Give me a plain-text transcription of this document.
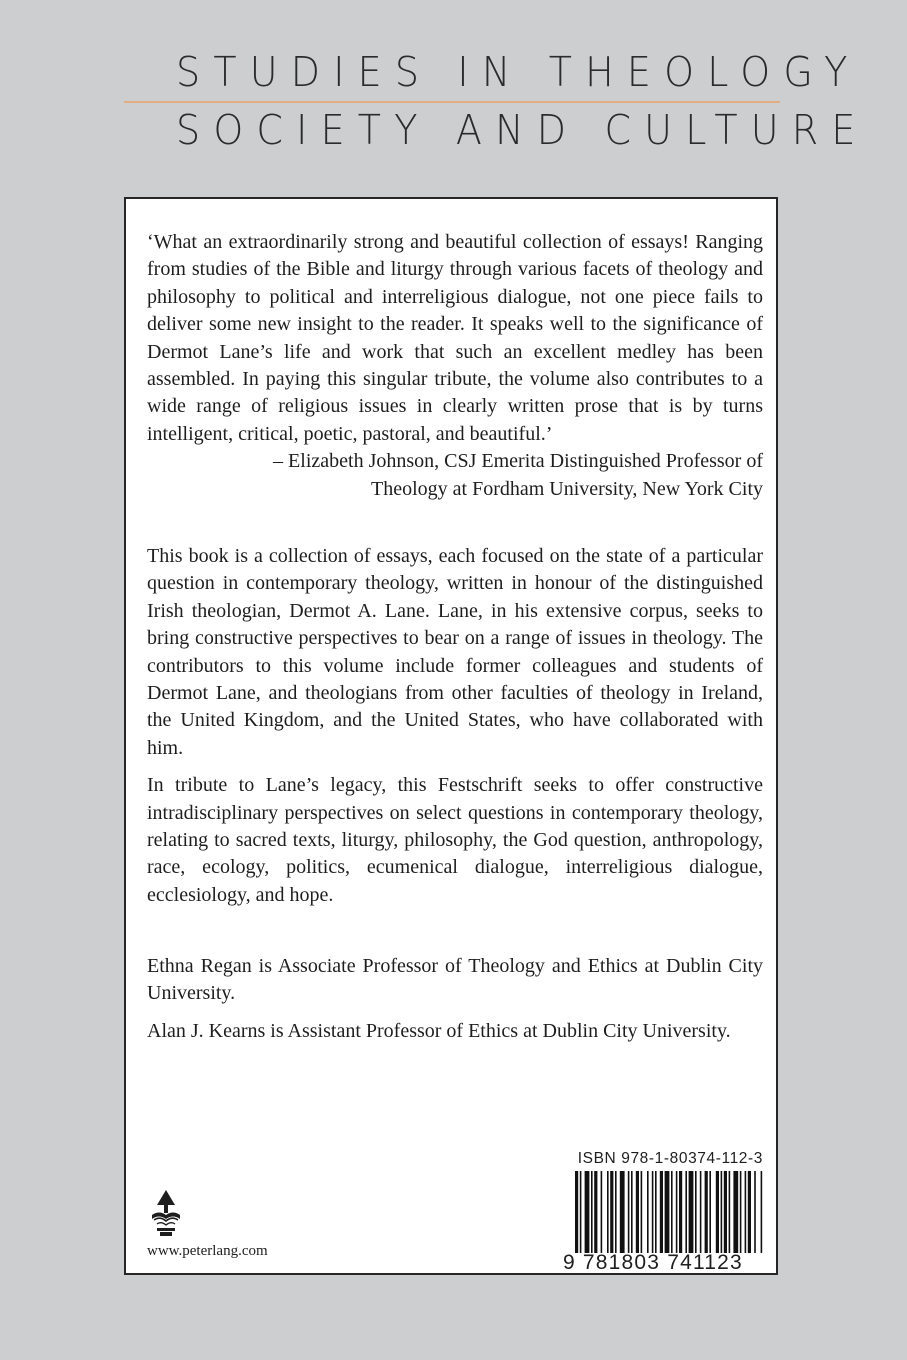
STUDIES IN THEOLOGY
SOCIETY AND CULTURE

‘What an extraordinarily strong and beautiful collection of essays! Ranging from studies of the Bible and liturgy through various facets of theology and philosophy to political and interreligious dialogue, not one piece fails to deliver some new insight to the reader. It speaks well to the significance of Dermot Lane’s life and work that such an excellent medley has been assembled. In paying this singular tribute, the volume also contributes to a wide range of religious issues in clearly written prose that is by turns intelligent, critical, poetic, pastoral, and beautiful.’

– Elizabeth Johnson, CSJ Emerita Distinguished Professor of
Theology at Fordham University, New York City

This book is a collection of essays, each focused on the state of a particular question in contemporary theology, written in honour of the distinguished Irish theologian, Dermot A. Lane. Lane, in his extensive corpus, seeks to bring constructive perspectives to bear on a range of issues in theology. The contributors to this volume include former colleagues and students of Dermot Lane, and theologians from other faculties of theology in Ireland, the United Kingdom, and the United States, who have collaborated with him.

In tribute to Lane’s legacy, this Festschrift seeks to offer constructive intradisciplinary perspectives on select questions in contemporary theology, relating to sacred texts, liturgy, philosophy, the God question, anthropology, race, ecology, politics, ecumenical dialogue, interreligious dialogue, ecclesiology, and hope.

Ethna Regan is Associate Professor of Theology and Ethics at Dublin City University.

Alan J. Kearns is Assistant Professor of Ethics at Dublin City University.

www.peterlang.com
ISBN 978-1-80374-112-3
9 781803 741123
